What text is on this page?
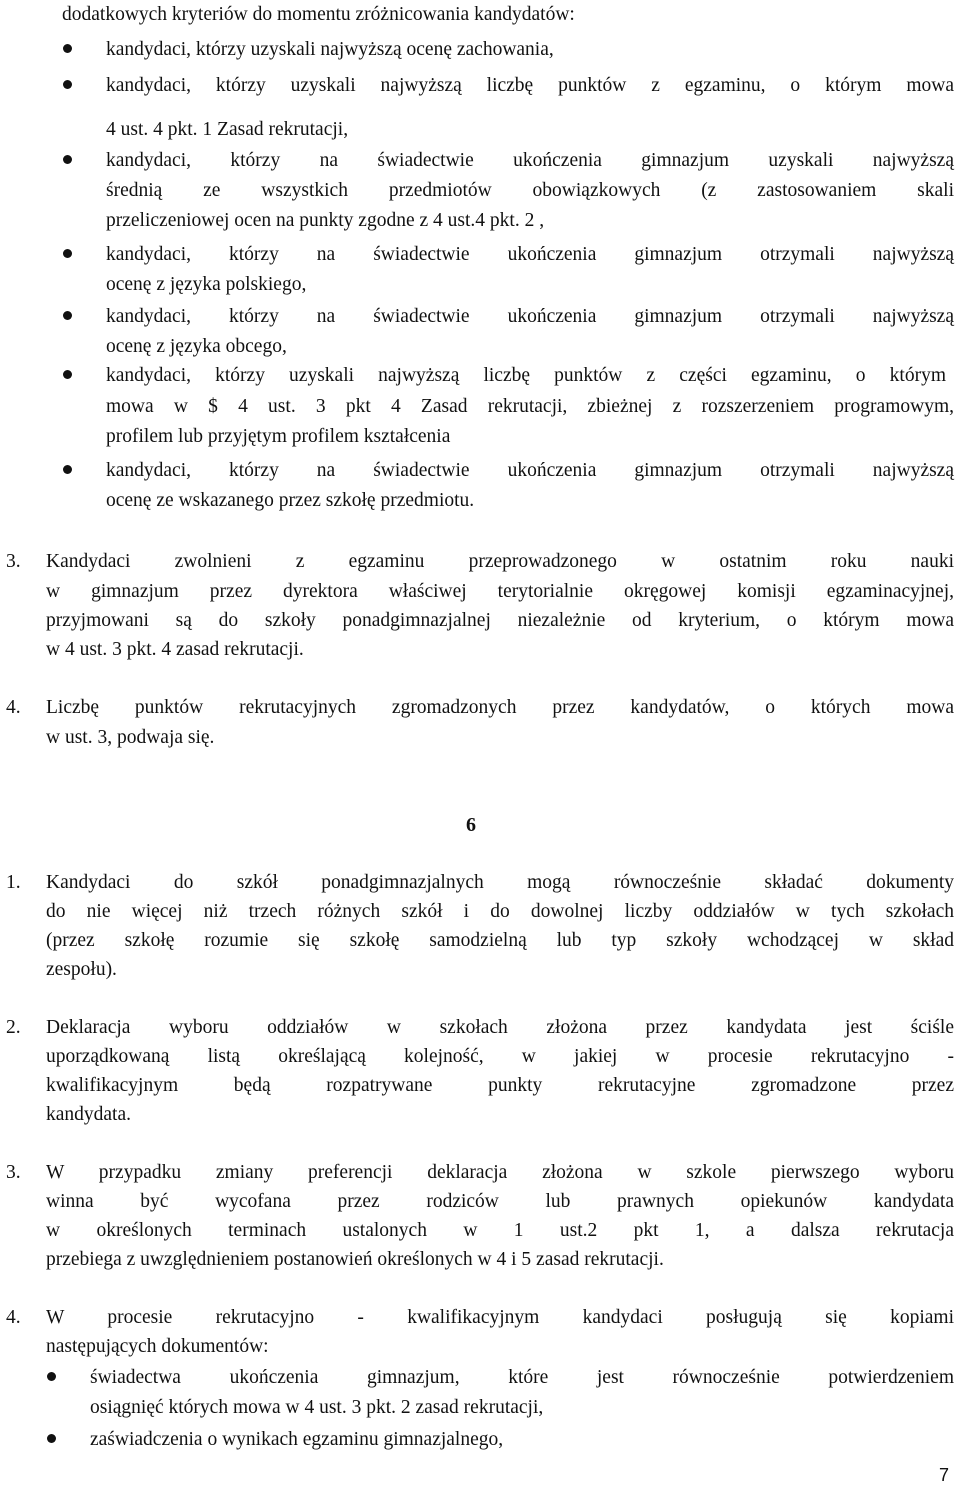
dodatkowych kryteriów do momentu zróżnicowania kandydatów:
kandydaci, którzy uzyskali najwyższą ocenę zachowania,
kandydaci, którzy uzyskali najwyższą liczbę punktów z egzaminu, o którym mowa
4 ust. 4 pkt. 1 Zasad rekrutacji,
kandydaci, którzy na świadectwie ukończenia gimnazjum uzyskali najwyższą
średnią ze wszystkich przedmiotów obowiązkowych (z zastosowaniem skali
przeliczeniowej ocen na punkty zgodne z 4 ust.4 pkt. 2 ,
kandydaci, którzy na świadectwie ukończenia gimnazjum otrzymali najwyższą
ocenę z języka polskiego,
kandydaci, którzy na świadectwie ukończenia gimnazjum otrzymali najwyższą
ocenę z języka obcego,
kandydaci, którzy uzyskali najwyższą liczbę punktów z części egzaminu, o którym
mowa w $ 4 ust. 3 pkt 4 Zasad rekrutacji, zbieżnej z rozszerzeniem programowym,
profilem lub przyjętym profilem kształcenia
kandydaci, którzy na świadectwie ukończenia gimnazjum otrzymali najwyższą
ocenę ze wskazanego przez szkołę przedmiotu.
3. Kandydaci zwolnieni z egzaminu przeprowadzonego w ostatnim roku nauki
w gimnazjum przez dyrektora właściwej terytorialnie okręgowej komisji egzaminacyjnej,
przyjmowani są do szkoły ponadgimnazjalnej niezależnie od kryterium, o którym mowa
w 4 ust. 3 pkt. 4 zasad rekrutacji.
4. Liczbę punktów rekrutacyjnych zgromadzonych przez kandydatów, o których mowa
w ust. 3, podwaja się.
6
1. Kandydaci do szkół ponadgimnazjalnych mogą równocześnie składać dokumenty
do nie więcej niż trzech różnych szkół i do dowolnej liczby oddziałów w tych szkołach
(przez szkołę rozumie się szkołę samodzielną lub typ szkoły wchodzącej w skład
zespołu).
2. Deklaracja wyboru oddziałów w szkołach złożona przez kandydata jest ściśle
uporządkowaną listą określającą kolejność, w jakiej w procesie rekrutacyjno -
kwalifikacyjnym będą rozpatrywane punkty rekrutacyjne zgromadzone przez
kandydata.
3. W przypadku zmiany preferencji deklaracja złożona w szkole pierwszego wyboru
winna być wycofana przez rodziców lub prawnych opiekunów kandydata
w określonych terminach ustalonych w 1 ust.2 pkt 1, a dalsza rekrutacja
przebiega z uwzględnieniem postanowień określonych w 4 i 5 zasad rekrutacji.
4. W procesie rekrutacyjno - kwalifikacyjnym kandydaci posługują się kopiami
następujących dokumentów:
świadectwa ukończenia gimnazjum, które jest równocześnie potwierdzeniem
osiągnięć których mowa w 4 ust. 3 pkt. 2 zasad rekrutacji,
zaświadczenia o wynikach egzaminu gimnazjalnego,
7
